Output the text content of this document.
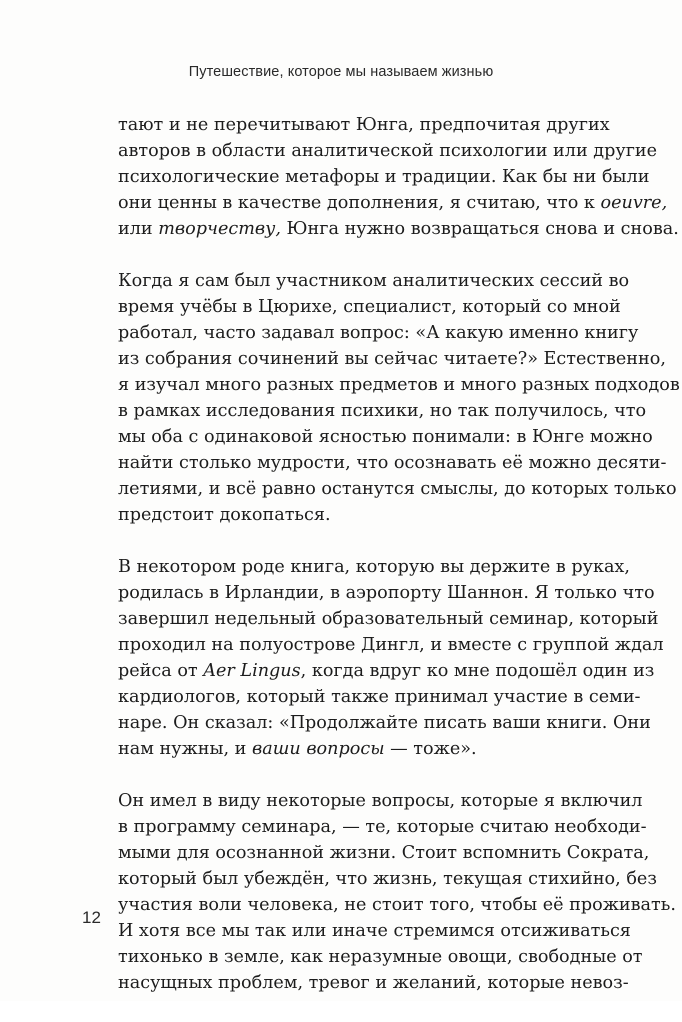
Путешествие, которое мы называем жизнью

тают и не перечитывают Юнга, предпочитая других
авторов в области аналитической психологии или другие
психологические метафоры и традиции. Как бы ни были
они ценны в качестве дополнения, я считаю, что к oeuvre,
или творчеству, Юнга нужно возвращаться снова и снова.

Когда я сам был участником аналитических сессий во
время учёбы в Цюрихе, специалист, который со мной
работал, часто задавал вопрос: «А какую именно книгу
из собрания сочинений вы сейчас читаете?» Естественно,
я изучал много разных предметов и много разных подходов
в рамках исследования психики, но так получилось, что
мы оба с одинаковой ясностью понимали: в Юнге можно
найти столько мудрости, что осознавать её можно десяти-
летиями, и всё равно останутся смыслы, до которых только
предстоит докопаться.

В некотором роде книга, которую вы держите в руках,
родилась в Ирландии, в аэропорту Шаннон. Я только что
завершил недельный образовательный семинар, который
проходил на полуострове Дингл, и вместе с группой ждал
рейса от Aer Lingus, когда вдруг ко мне подошёл один из
кардиологов, который также принимал участие в семи-
наре. Он сказал: «Продолжайте писать ваши книги. Они
нам нужны, и ваши вопросы — тоже».

Он имел в виду некоторые вопросы, которые я включил
в программу семинара, — те, которые считаю необходи-
мыми для осознанной жизни. Стоит вспомнить Сократа,
который был убеждён, что жизнь, текущая стихийно, без
участия воли человека, не стоит того, чтобы её проживать.
И хотя все мы так или иначе стремимся отсиживаться
тихонько в земле, как неразумные овощи, свободные от
насущных проблем, тревог и желаний, которые невоз-

12
